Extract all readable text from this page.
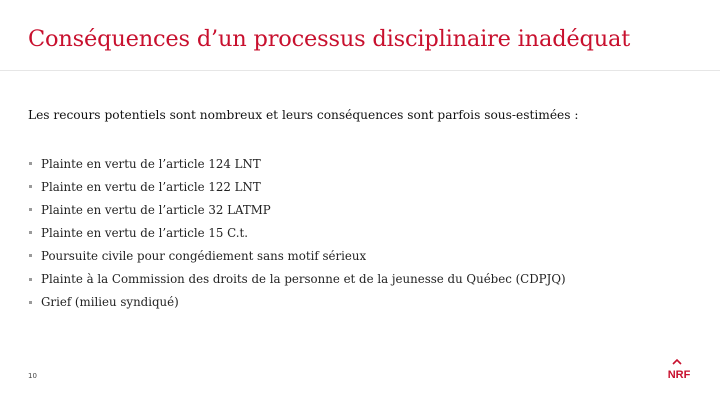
Conséquences d’un processus disciplinaire inadéquat
Les recours potentiels sont nombreux et leurs conséquences sont parfois sous-estimées :
Plainte en vertu de l’article 124 LNT
Plainte en vertu de l’article 122 LNT
Plainte en vertu de l’article 32 LATMP
Plainte en vertu de l’article 15 C.t.
Poursuite civile pour congédiement sans motif sérieux
Plainte à la Commission des droits de la personne et de la jeunesse du Québec (CDPJQ)
Grief (milieu syndiqué)
10	NRF
